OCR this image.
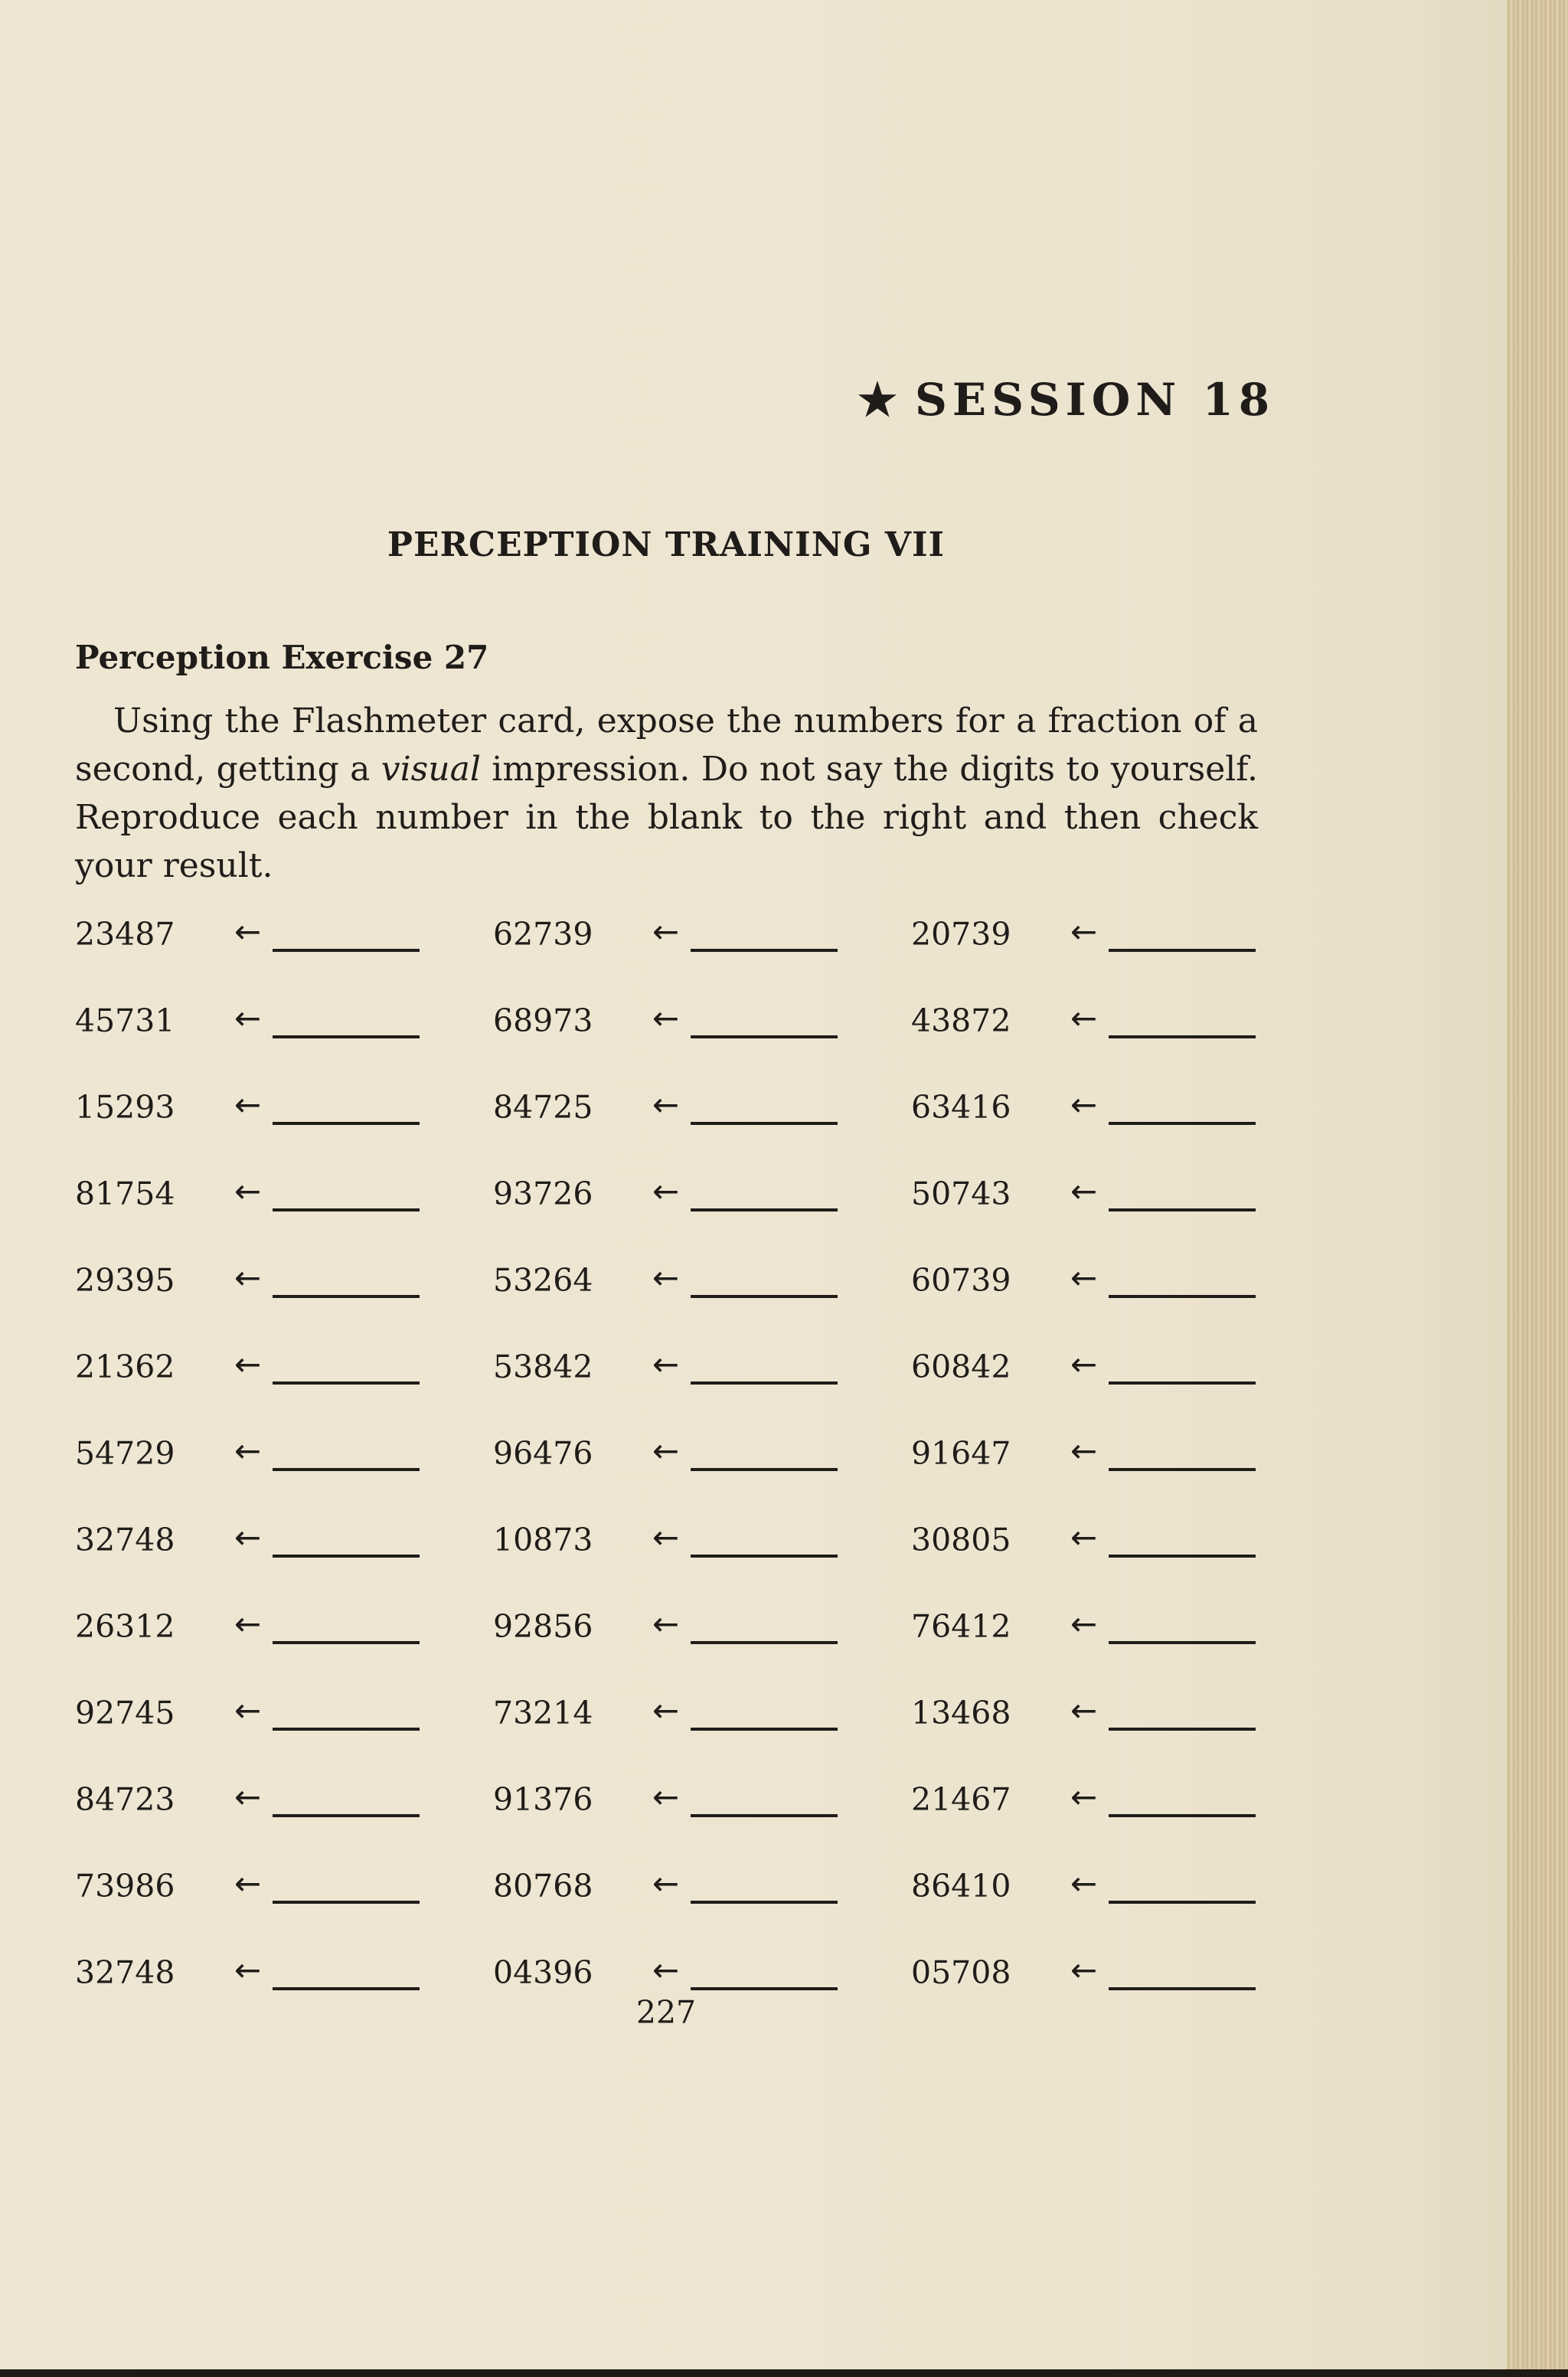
★ SESSION 18
PERCEPTION TRAINING VII
Perception Exercise 27
Using the Flashmeter card, expose the numbers for a fraction of a second, getting a visual impression. Do not say the digits to yourself. Reproduce each number in the blank to the right and then check your result.
23487 ←	62739 ←	20739 ←
45731 ←	68973 ←	43872 ←
15293 ←	84725 ←	63416 ←
81754 ←	93726 ←	50743 ←
29395 ←	53264 ←	60739 ←
21362 ←	53842 ←	60842 ←
54729 ←	96476 ←	91647 ←
32748 ←	10873 ←	30805 ←
26312 ←	92856 ←	76412 ←
92745 ←	73214 ←	13468 ←
84723 ←	91376 ←	21467 ←
73986 ←	80768 ←	86410 ←
32748 ←	04396 ←	05708 ←
227
